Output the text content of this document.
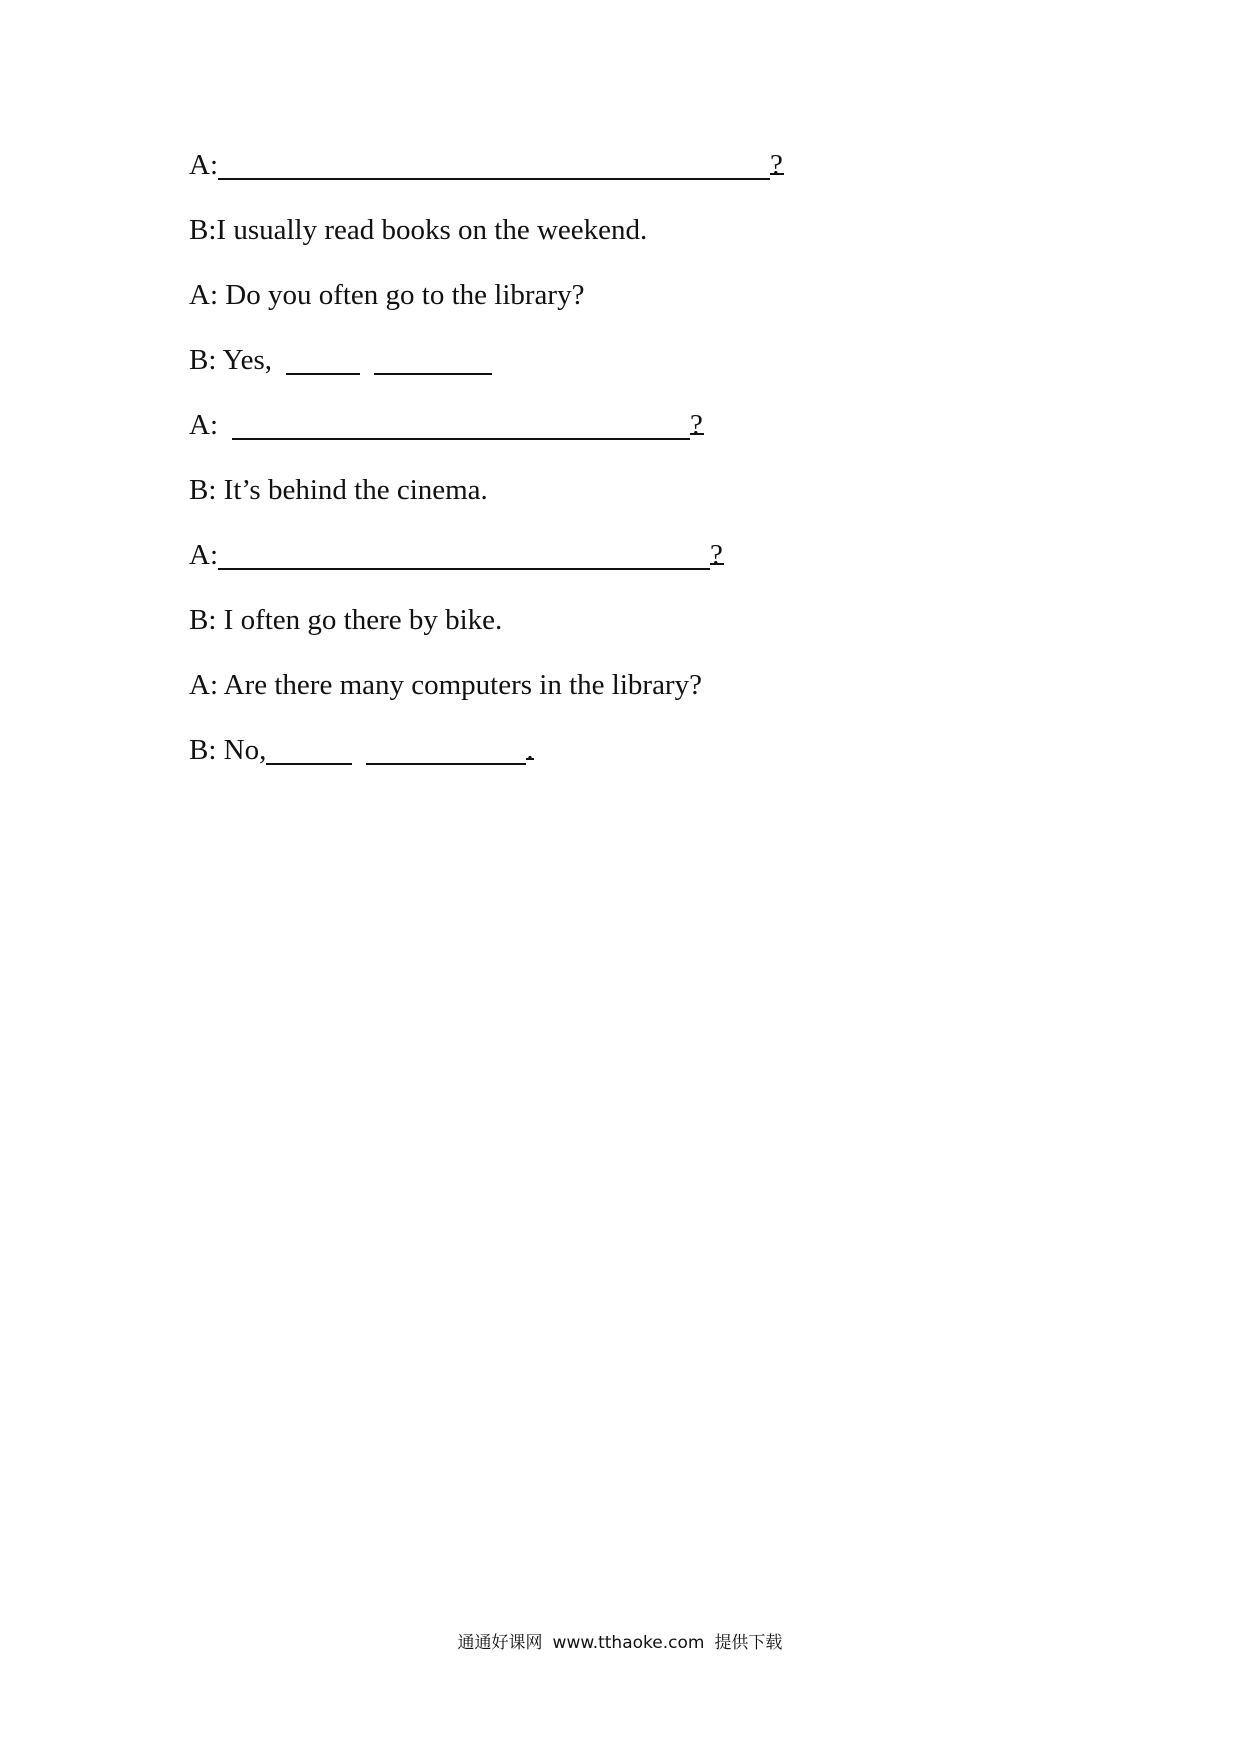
A:	?
B:I usually read books on the weekend.
A: Do you often go to the library?
B: Yes,
A:	?
B: It’s behind the cinema.
A:	?
B: I often go there by bike.
A: Are there many computers in the library?
B: No,	.
通通好课网 www.tthaoke.com 提供下载
